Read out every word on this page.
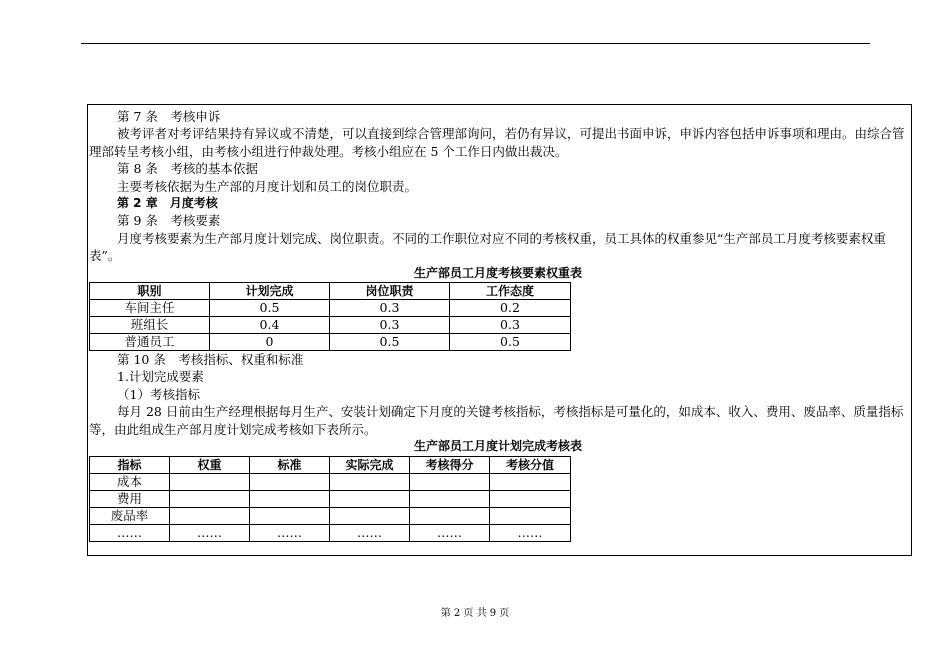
第 7 条　考核申诉

被考评者对考评结果持有异议或不清楚，可以直接到综合管理部询问，若仍有异议，可提出书面申诉，申诉内容包括申诉事项和理由。由综合管理部转呈考核小组，由考核小组进行仲裁处理。考核小组应在 5 个工作日内做出裁决。

第 8 条　考核的基本依据

主要考核依据为生产部的月度计划和员工的岗位职责。

第 2 章　月度考核

第 9 条　考核要素

月度考核要素为生产部月度计划完成、岗位职责。不同的工作职位对应不同的考核权重，员工具体的权重参见“生产部员工月度考核要素权重表”。

生产部员工月度考核要素权重表
职别	计划完成	岗位职责	工作态度
车间主任	0.5	0.3	0.2
班组长	0.4	0.3	0.3
普通员工	0	0.5	0.5

第 10 条　考核指标、权重和标准

1.计划完成要素

（1）考核指标

每月 28 日前由生产经理根据每月生产、安装计划确定下月度的关键考核指标，考核指标是可量化的，如成本、收入、费用、废品率、质量指标等，由此组成生产部月度计划完成考核如下表所示。

生产部员工月度计划完成考核表
指标	权重	标准	实际完成	考核得分	考核分值
成本					
费用					
废品率					
……	……	……	……	……	……
第 2 页 共 9 页
